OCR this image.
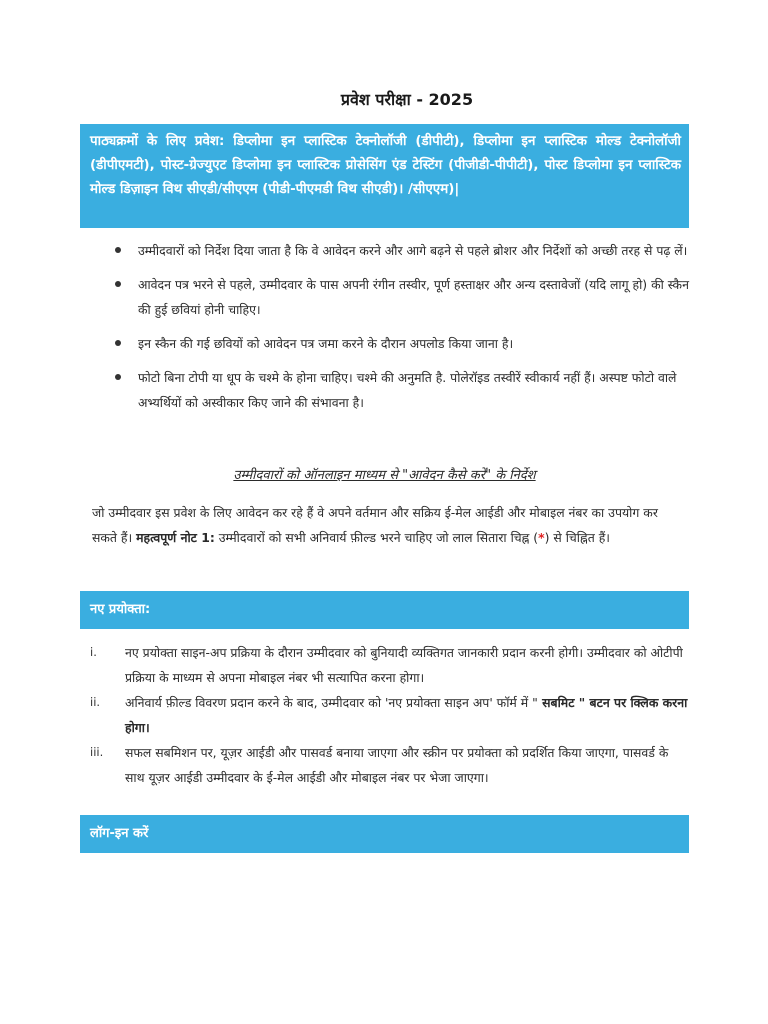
प्रवेश परीक्षा - 2025
पाठ्यक्रमों के लिए प्रवेश: डिप्लोमा इन प्लास्टिक टेक्नोलॉजी (डीपीटी), डिप्लोमा इन प्लास्टिक मोल्ड टेक्नोलॉजी (डीपीएमटी), पोस्ट-ग्रेज्युएट डिप्लोमा इन प्लास्टिक प्रोसेसिंग एंड टेस्टिंग (पीजीडी-पीपीटी), पोस्ट डिप्लोमा इन प्लास्टिक मोल्ड डिज़ाइन विथ सीएडी/सीएएम (पीडी-पीएमडी विथ सीएडी)। /सीएएम)|
उम्मीदवारों को निर्देश दिया जाता है कि वे आवेदन करने और आगे बढ़ने से पहले ब्रोशर और निर्देशों को अच्छी तरह से पढ़ लें।
आवेदन पत्र भरने से पहले, उम्मीदवार के पास अपनी रंगीन तस्वीर, पूर्ण हस्ताक्षर और अन्य दस्तावेजों (यदि लागू हो) की स्कैन की हुई छवियां होनी चाहिए।
इन स्कैन की गई छवियों को आवेदन पत्र जमा करने के दौरान अपलोड किया जाना है।
फोटो बिना टोपी या धूप के चश्मे के होना चाहिए। चश्मे की अनुमति है. पोलेरॉइड तस्वीरें स्वीकार्य नहीं हैं। अस्पष्ट फोटो वाले अभ्यर्थियों को अस्वीकार किए जाने की संभावना है।
उम्मीदवारों को ऑनलाइन माध्यम से "आवेदन कैसे करें" के निर्देश
जो उम्मीदवार इस प्रवेश के लिए आवेदन कर रहे हैं वे अपने वर्तमान और सक्रिय ई-मेल आईडी और मोबाइल नंबर का उपयोग कर सकते हैं। महत्वपूर्ण नोट 1: उम्मीदवारों को सभी अनिवार्य फ़ील्ड भरने चाहिए जो लाल सितारा चिह्न (*) से चिह्नित हैं।
नए प्रयोक्ता:
i.	नए प्रयोक्ता साइन-अप प्रक्रिया के दौरान उम्मीदवार को बुनियादी व्यक्तिगत जानकारी प्रदान करनी होगी। उम्मीदवार को ओटीपी प्रक्रिया के माध्यम से अपना मोबाइल नंबर भी सत्यापित करना होगा।
ii.	अनिवार्य फ़ील्ड विवरण प्रदान करने के बाद, उम्मीदवार को 'नए प्रयोक्ता साइन अप' फॉर्म में " सबमिट " बटन पर क्लिक करना होगा।
iii.	सफल सबमिशन पर, यूज़र आईडी और पासवर्ड बनाया जाएगा और स्क्रीन पर प्रयोक्ता को प्रदर्शित किया जाएगा, पासवर्ड के साथ यूज़र आईडी उम्मीदवार के ई-मेल आईडी और मोबाइल नंबर पर भेजा जाएगा।
लॉग-इन करें
